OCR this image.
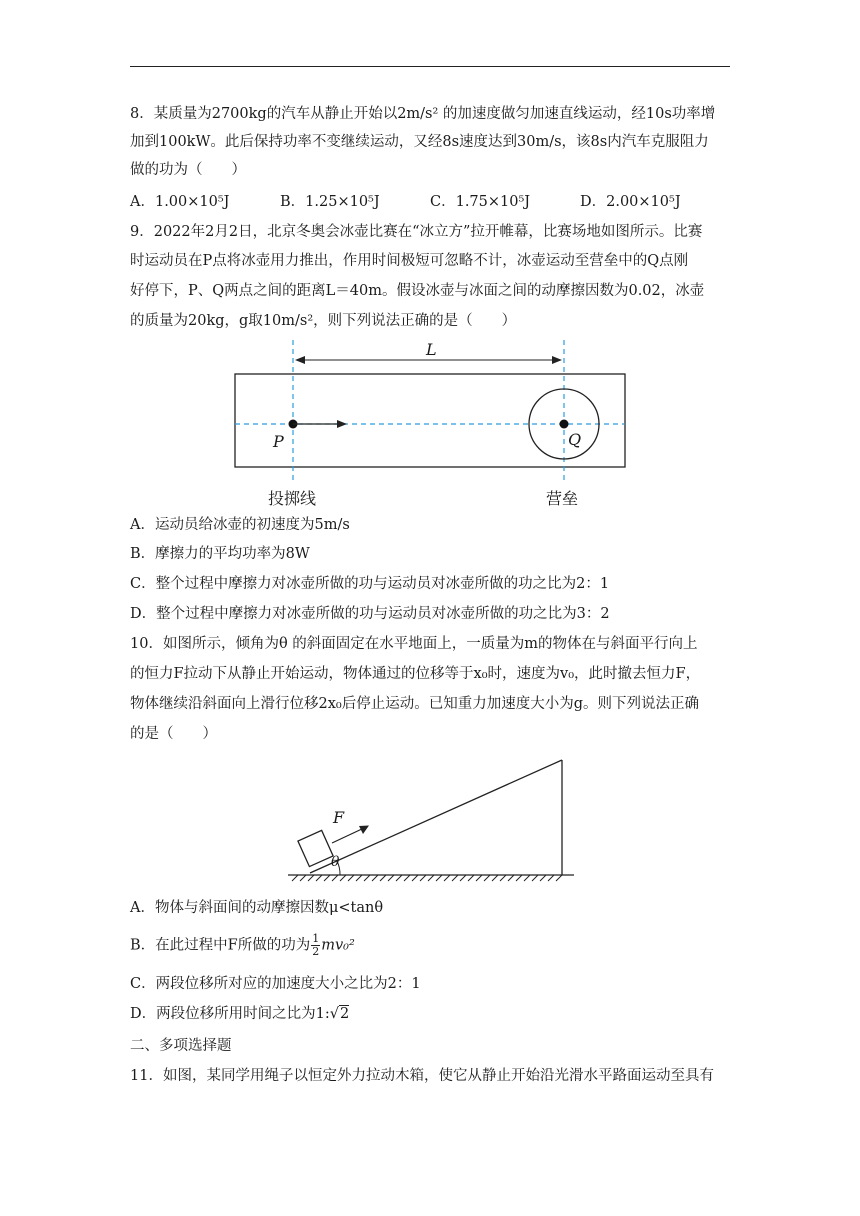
8．某质量为2700kg的汽车从静止开始以2m/s² 的加速度做匀加速直线运动，经10s功率增
加到100kW。此后保持功率不变继续运动，又经8s速度达到30m/s，该8s内汽车克服阻力
做的功为（　　）
A．1.00×10⁵J	B．1.25×10⁵J	C．1.75×10⁵J	D．2.00×10⁵J
9．2022年2月2日，北京冬奥会冰壶比赛在“冰立方”拉开帷幕，比赛场地如图所示。比赛
时运动员在P点将冰壶用力推出，作用时间极短可忽略不计，冰壶运动至营垒中的Q点刚
好停下，P、Q两点之间的距离L＝40m。假设冰壶与冰面之间的动摩擦因数为0.02，冰壶
的质量为20kg，g取10m/s²，则下列说法正确的是（　　）
L
P	Q
投掷线	营垒
A．运动员给冰壶的初速度为5m/s
B．摩擦力的平均功率为8W
C．整个过程中摩擦力对冰壶所做的功与运动员对冰壶所做的功之比为2：1
D．整个过程中摩擦力对冰壶所做的功与运动员对冰壶所做的功之比为3：2
10．如图所示，倾角为θ 的斜面固定在水平地面上，一质量为m的物体在与斜面平行向上
的恒力F拉动下从静止开始运动，物体通过的位移等于x₀时，速度为v₀，此时撤去恒力F，
物体继续沿斜面向上滑行位移2x₀后停止运动。已知重力加速度大小为g。则下列说法正确
的是（　　）
F
θ
A．物体与斜面间的动摩擦因数μ<tanθ
B．在此过程中F所做的功为 $\frac{1}{2} mv_0^2$
C．两段位移所对应的加速度大小之比为2：1
D．两段位移所用时间之比为1:√2
二、多项选择题
11．如图，某同学用绳子以恒定外力拉动木箱，使它从静止开始沿光滑水平路面运动至具有
